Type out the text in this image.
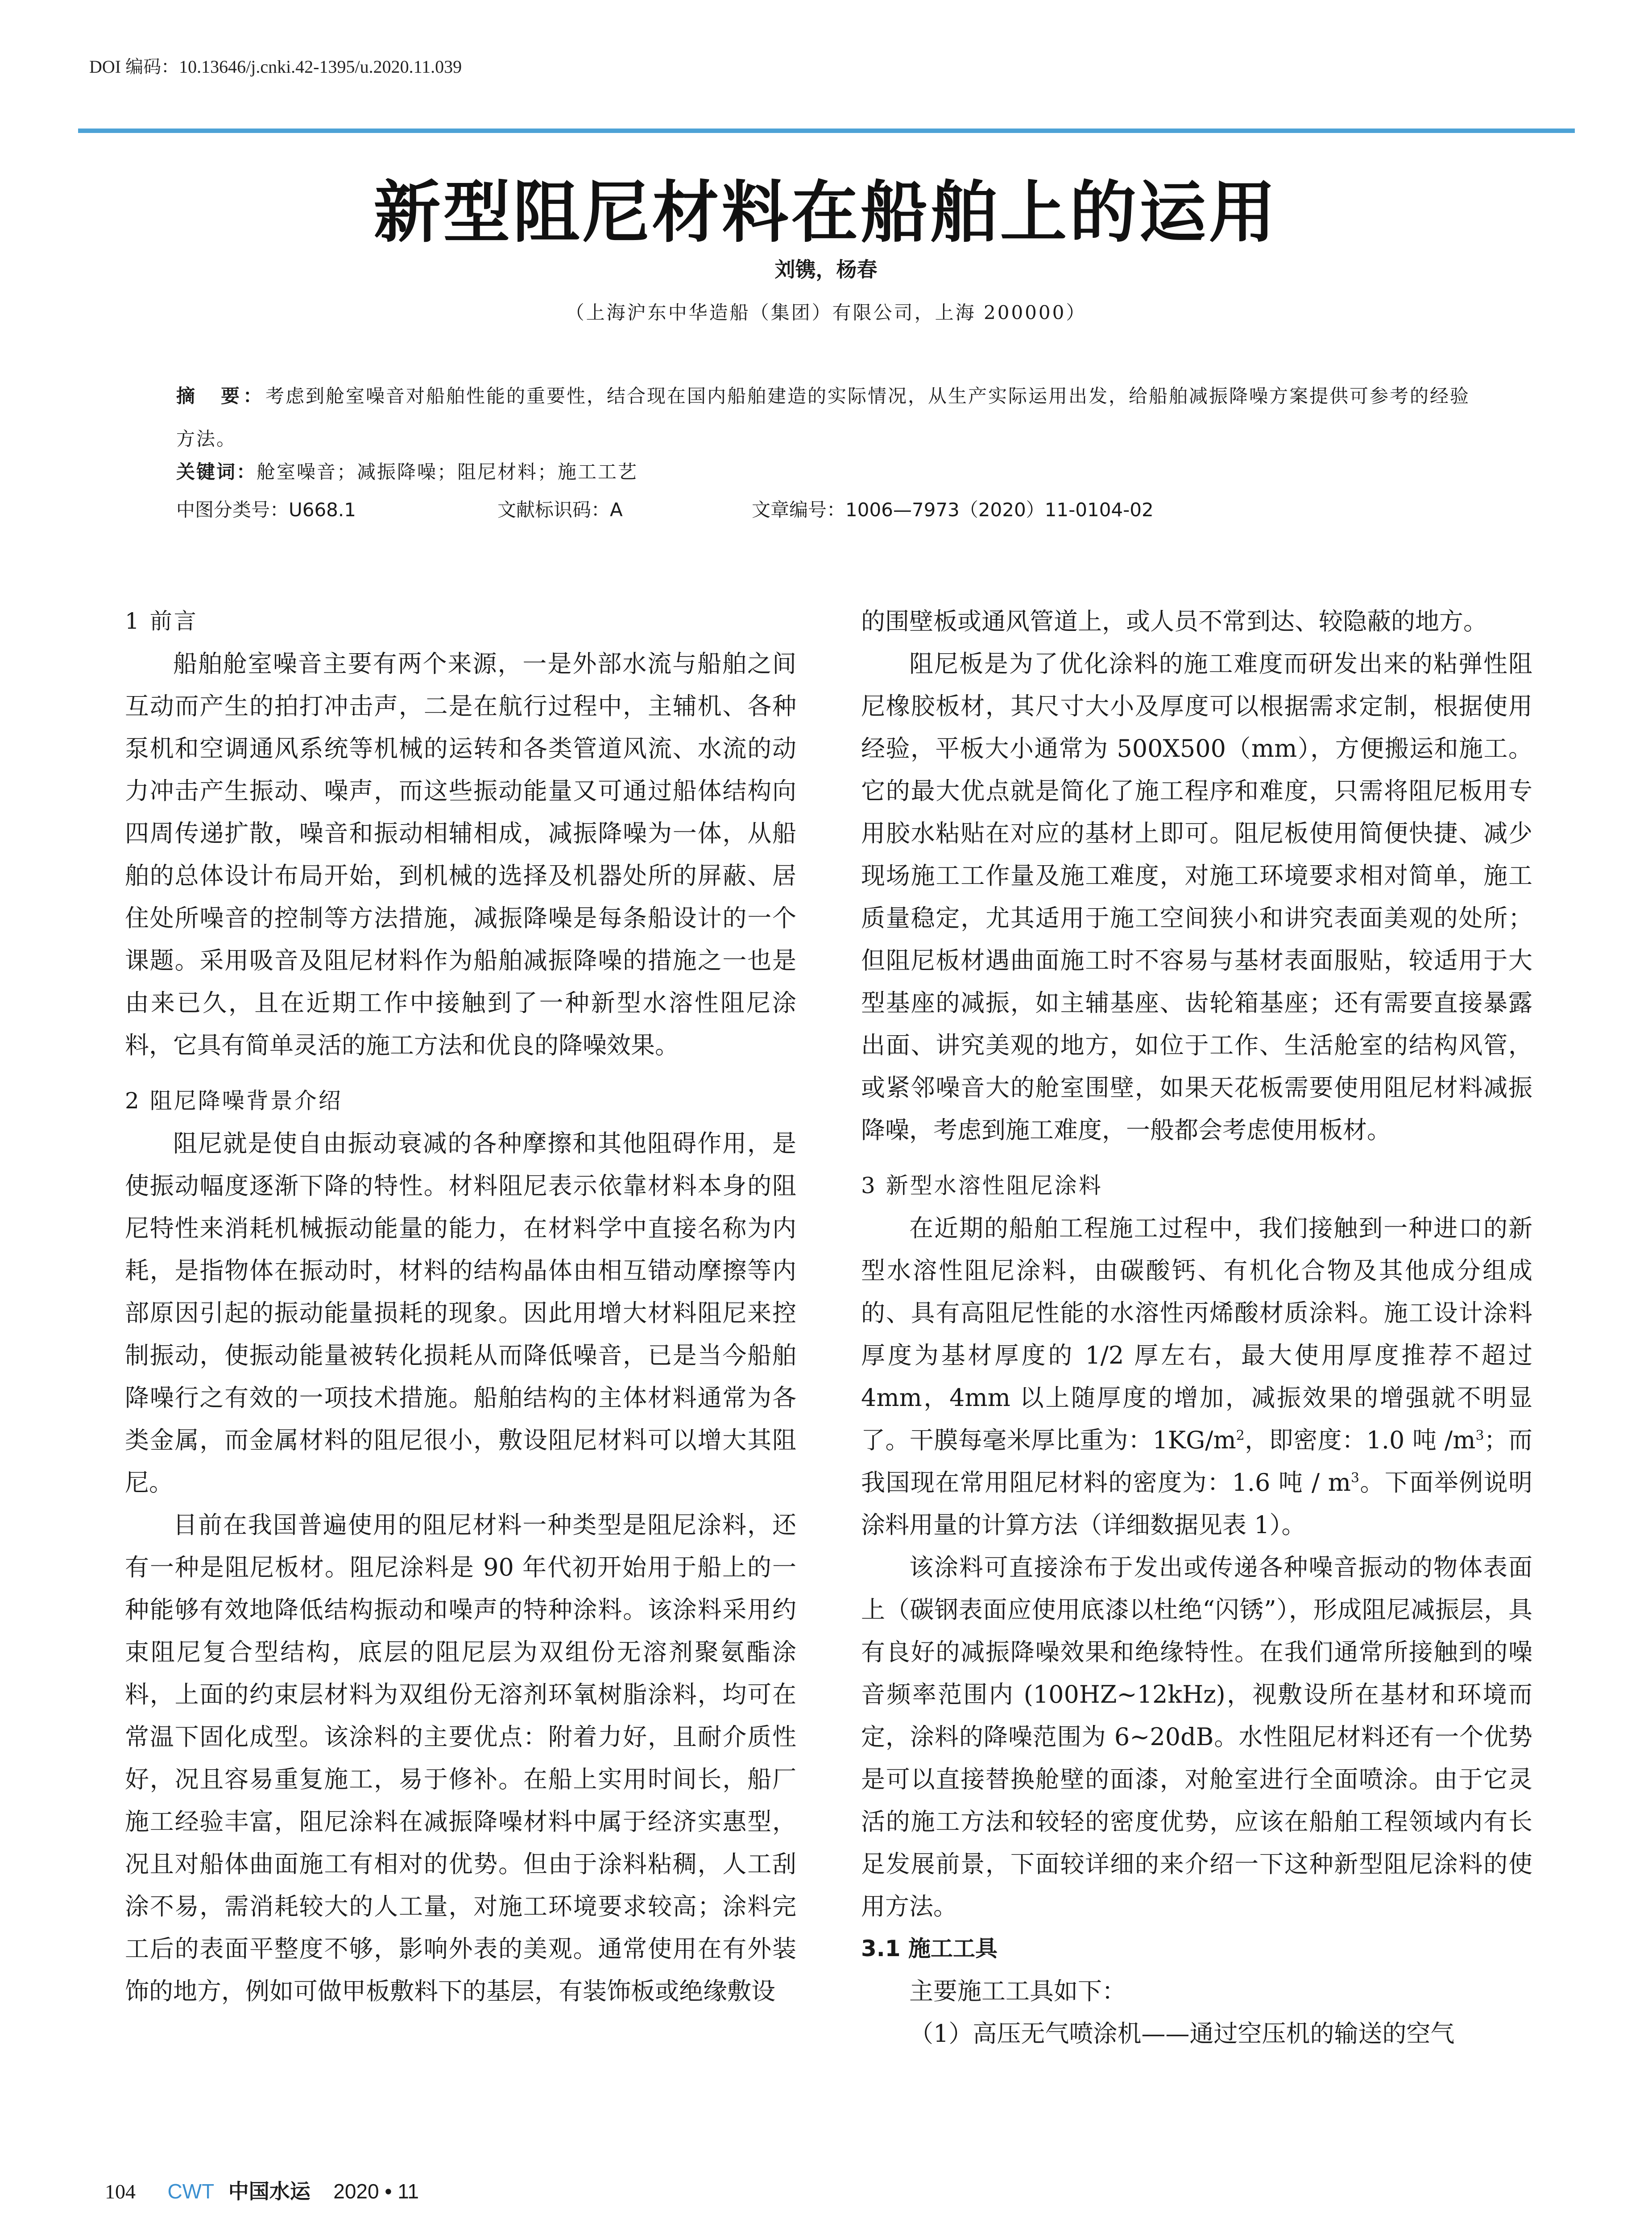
DOI 编码：10.13646/j.cnki.42-1395/u.2020.11.039
新型阻尼材料在船舶上的运用
刘镌，杨春
（上海沪东中华造船（集团）有限公司，上海 200000）
摘　要：考虑到舱室噪音对船舶性能的重要性，结合现在国内船舶建造的实际情况，从生产实际运用出发，给船舶减振降噪方案提供可参考的经验方法。
关键词：舱室噪音；减振降噪；阻尼材料；施工工艺
中图分类号：U668.1	文献标识码：A	文章编号：1006—7973（2020）11-0104-02
1 前言

船舶舱室噪音主要有两个来源，一是外部水流与船舶之间互动而产生的拍打冲击声，二是在航行过程中，主辅机、各种泵机和空调通风系统等机械的运转和各类管道风流、水流的动力冲击产生振动、噪声，而这些振动能量又可通过船体结构向四周传递扩散，噪音和振动相辅相成，减振降噪为一体，从船舶的总体设计布局开始，到机械的选择及机器处所的屏蔽、居住处所噪音的控制等方法措施，减振降噪是每条船设计的一个课题。采用吸音及阻尼材料作为船舶减振降噪的措施之一也是由来已久，且在近期工作中接触到了一种新型水溶性阻尼涂料，它具有简单灵活的施工方法和优良的降噪效果。

2 阻尼降噪背景介绍

阻尼就是使自由振动衰减的各种摩擦和其他阻碍作用，是使振动幅度逐渐下降的特性。材料阻尼表示依靠材料本身的阻尼特性来消耗机械振动能量的能力，在材料学中直接名称为内耗，是指物体在振动时，材料的结构晶体由相互错动摩擦等内部原因引起的振动能量损耗的现象。因此用增大材料阻尼来控制振动，使振动能量被转化损耗从而降低噪音，已是当今船舶降噪行之有效的一项技术措施。船舶结构的主体材料通常为各类金属，而金属材料的阻尼很小，敷设阻尼材料可以增大其阻尼。

目前在我国普遍使用的阻尼材料一种类型是阻尼涂料，还有一种是阻尼板材。阻尼涂料是 90 年代初开始用于船上的一种能够有效地降低结构振动和噪声的特种涂料。该涂料采用约束阻尼复合型结构，底层的阻尼层为双组份无溶剂聚氨酯涂料，上面的约束层材料为双组份无溶剂环氧树脂涂料，均可在常温下固化成型。该涂料的主要优点：附着力好，且耐介质性好，况且容易重复施工，易于修补。在船上实用时间长，船厂施工经验丰富，阻尼涂料在减振降噪材料中属于经济实惠型，况且对船体曲面施工有相对的优势。但由于涂料粘稠，人工刮涂不易，需消耗较大的人工量，对施工环境要求较高；涂料完工后的表面平整度不够，影响外表的美观。通常使用在有外装饰的地方，例如可做甲板敷料下的基层，有装饰板或绝缘敷设

的围壁板或通风管道上，或人员不常到达、较隐蔽的地方。

阻尼板是为了优化涂料的施工难度而研发出来的粘弹性阻尼橡胶板材，其尺寸大小及厚度可以根据需求定制，根据使用经验，平板大小通常为 500X500（mm），方便搬运和施工。它的最大优点就是简化了施工程序和难度，只需将阻尼板用专用胶水粘贴在对应的基材上即可。阻尼板使用简便快捷、减少现场施工工作量及施工难度，对施工环境要求相对简单，施工质量稳定，尤其适用于施工空间狭小和讲究表面美观的处所；但阻尼板材遇曲面施工时不容易与基材表面服贴，较适用于大型基座的减振，如主辅基座、齿轮箱基座；还有需要直接暴露出面、讲究美观的地方，如位于工作、生活舱室的结构风管，或紧邻噪音大的舱室围壁，如果天花板需要使用阻尼材料减振降噪，考虑到施工难度，一般都会考虑使用板材。

3 新型水溶性阻尼涂料

在近期的船舶工程施工过程中，我们接触到一种进口的新型水溶性阻尼涂料，由碳酸钙、有机化合物及其他成分组成的、具有高阻尼性能的水溶性丙烯酸材质涂料。施工设计涂料厚度为基材厚度的 1/2 厚左右，最大使用厚度推荐不超过 4mm，4mm 以上随厚度的增加，减振效果的增强就不明显了。干膜每毫米厚比重为：$1KG/m^2$，即密度：1.0 吨 $/m^3$；而我国现在常用阻尼材料的密度为：1.6 吨 / $m^3$。下面举例说明涂料用量的计算方法（详细数据见表 1）。

该涂料可直接涂布于发出或传递各种噪音振动的物体表面上（碳钢表面应使用底漆以杜绝“闪锈”），形成阻尼减振层，具有良好的减振降噪效果和绝缘特性。在我们通常所接触到的噪音频率范围内 (100HZ~12kHz)，视敷设所在基材和环境而定，涂料的降噪范围为 6~20dB。水性阻尼材料还有一个优势是可以直接替换舱壁的面漆，对舱室进行全面喷涂。由于它灵活的施工方法和较轻的密度优势，应该在船舶工程领域内有长足发展前景，下面较详细的来介绍一下这种新型阻尼涂料的使用方法。

3.1 施工工具

主要施工工具如下：

（1）高压无气喷涂机——通过空压机的输送的空气

104 CWT 中国水运 2020 • 11
